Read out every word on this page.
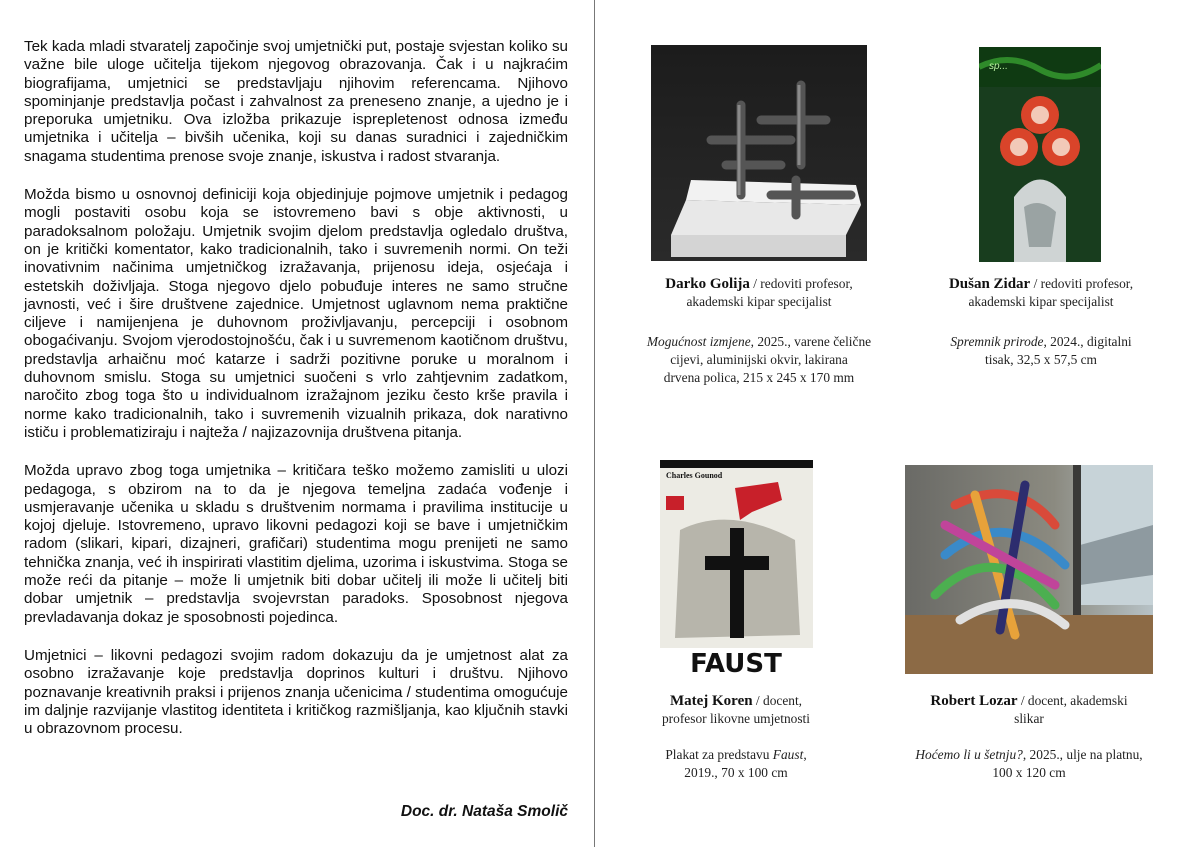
Tek kada mladi stvaratelj započinje svoj umjetnički put, postaje svjestan koliko su važne bile uloge učitelja tijekom njegovog obrazovanja. Čak i u najkraćim biografijama, umjetnici se predstavljaju njihovim referencama. Njihovo spominjanje predstavlja počast i zahvalnost za preneseno znanje, a ujedno je i preporuka umjetniku. Ova izložba prikazuje isprepletenost odnosa između umjetnika i učitelja – bivših učenika, koji su danas suradnici i zajedničkim snagama studentima prenose svoje znanje, iskustva i radost stvaranja.

Možda bismo u osnovnoj definiciji koja objedinjuje pojmove umjetnik i pedagog mogli postaviti osobu koja se istovremeno bavi s obje aktivnosti, u paradoksalnom položaju. Umjetnik svojim djelom predstavlja ogledalo društva, on je kritički komentator, kako tradicionalnih, tako i suvremenih normi. On teži inovativnim načinima umjetničkog izražavanja, prijenosu ideja, osjećaja i estetskih doživljaja. Stoga njegovo djelo pobuđuje interes ne samo stručne javnosti, već i šire društvene zajednice. Umjetnost uglavnom nema praktične ciljeve i namijenjena je duhovnom proživljavanju, percepciji i osobnom obogaćivanju. Svojom vjerodostojnošću, čak i u suvremenom kaotičnom društvu, predstavlja arhaičnu moć katarze i sadrži pozitivne poruke u moralnom i duhovnom smislu. Stoga su umjetnici suočeni s vrlo zahtjevnim zadatkom, naročito zbog toga što u individualnom izražajnom jeziku često krše pravila i norme kako tradicionalnih, tako i suvremenih vizualnih prikaza, dok narativno ističu i problematiziraju i najteža / najizazovnija društvena pitanja.

Možda upravo zbog toga umjetnika – kritičara teško možemo zamisliti u ulozi pedagoga, s obzirom na to da je njegova temeljna zadaća vođenje i usmjeravanje učenika u skladu s društvenim normama i pravilima institucije u kojoj djeluje. Istovremeno, upravo likovni pedagozi koji se bave i umjetničkim radom (slikari, kipari, dizajneri, grafičari) studentima mogu prenijeti ne samo tehnička znanja, već ih inspirirati vlastitim djelima, uzorima i iskustvima. Stoga se može reći da pitanje – može li umjetnik biti dobar učitelj ili može li učitelj biti dobar umjetnik – predstavlja svojevrstan paradoks. Sposobnost njegova prevladavanja dokaz je sposobnosti pojedinca.

Umjetnici – likovni pedagozi svojim radom dokazuju da je umjetnost alat za osobno izražavanje koje predstavlja doprinos kulturi i društvu. Njihovo poznavanje kreativnih praksi i prijenos znanja učenicima / studentima omogućuje im daljnje razvijanje vlastitog identiteta i kritičkog razmišljanja, kao ključnih stavki u obrazovnom procesu.

Doc. dr. Nataša Smolič
Darko Golija / redoviti profesor,
akademski kipar specijalist
Mogućnost izmjene, 2025., varene čelične
cijevi, aluminijski okvir, lakirana
drvena polica, 215 x 245 x 170 mm
sp...
Dušan Zidar / redoviti profesor,
akademski kipar specijalist
Spremnik prirode, 2024., digitalni
tisak, 32,5 x 57,5 cm
Charles Gounod
FAUST
Matej Koren / docent,
profesor likovne umjetnosti
Plakat za predstavu Faust,
2019., 70 x 100 cm
Robert Lozar / docent, akademski
slikar
Hoćemo li u šetnju?, 2025., ulje na platnu,
100 x 120 cm
